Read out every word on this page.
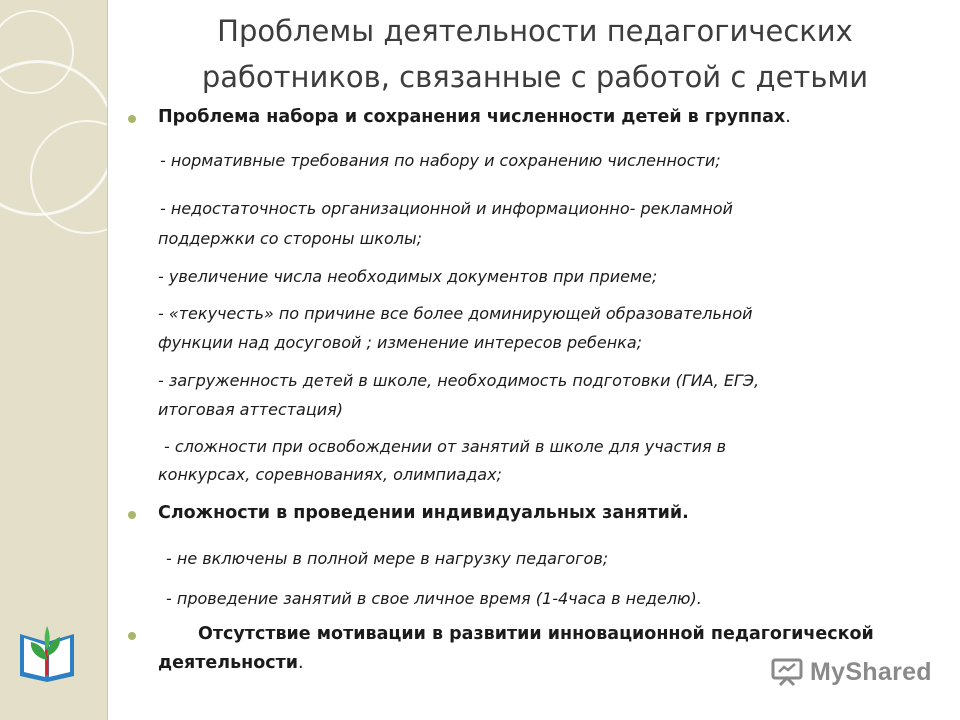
Проблемы деятельности педагогических
работников, связанные с работой с детьми
Проблема набора и сохранения численности детей в группах.
- нормативные требования по набору и сохранению численности;
- недостаточность организационной и информационно- рекламной
поддержки со стороны школы;
- увеличение числа необходимых документов при приеме;
- «текучесть» по причине все более доминирующей образовательной
функции над досуговой ; изменение интересов ребенка;
- загруженность детей в школе, необходимость подготовки (ГИА, ЕГЭ,
итоговая аттестация)
- сложности при освобождении от занятий в школе для участия в
конкурсах, соревнованиях, олимпиадах;
Сложности в проведении индивидуальных занятий.
- не включены в полной мере в нагрузку педагогов;
- проведение занятий в свое личное время (1-4часа в неделю).
Отсутствие мотивации в развитии инновационной педагогической
деятельности.	MyShared
